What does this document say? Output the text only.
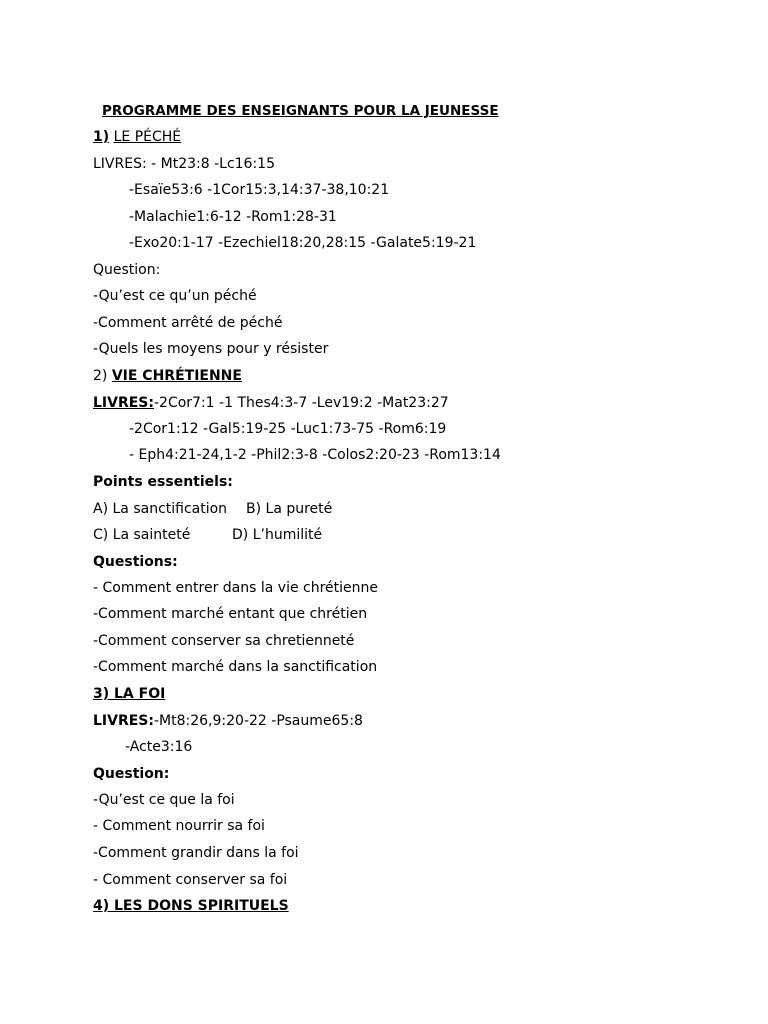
PROGRAMME DES ENSEIGNANTS POUR LA JEUNESSE
1) LE PÉCHÉ
LIVRES: - Mt23:8 -Lc16:15
-Esaïe53:6 -1Cor15:3,14:37-38,10:21
-Malachie1:6-12 -Rom1:28-31
-Exo20:1-17 -Ezechiel18:20,28:15 -Galate5:19-21
Question:
-Qu’est ce qu’un péché
-Comment arrêté de péché
-Quels les moyens pour y résister
2) VIE CHRÉTIENNE
LIVRES:-2Cor7:1 -1 Thes4:3-7 -Lev19:2 -Mat23:27
-2Cor1:12 -Gal5:19-25 -Luc1:73-75 -Rom6:19
- Eph4:21-24,1-2 -Phil2:3-8 -Colos2:20-23 -Rom13:14
Points essentiels:
A) La sanctification B) La pureté
C) La sainteté	D) L’humilité
Questions:
- Comment entrer dans la vie chrétienne
-Comment marché entant que chrétien
-Comment conserver sa chretienneté
-Comment marché dans la sanctification
3) LA FOI
LIVRES:-Mt8:26,9:20-22 -Psaume65:8
-Acte3:16
Question:
-Qu’est ce que la foi
- Comment nourrir sa foi
-Comment grandir dans la foi
- Comment conserver sa foi
4) LES DONS SPIRITUELS
